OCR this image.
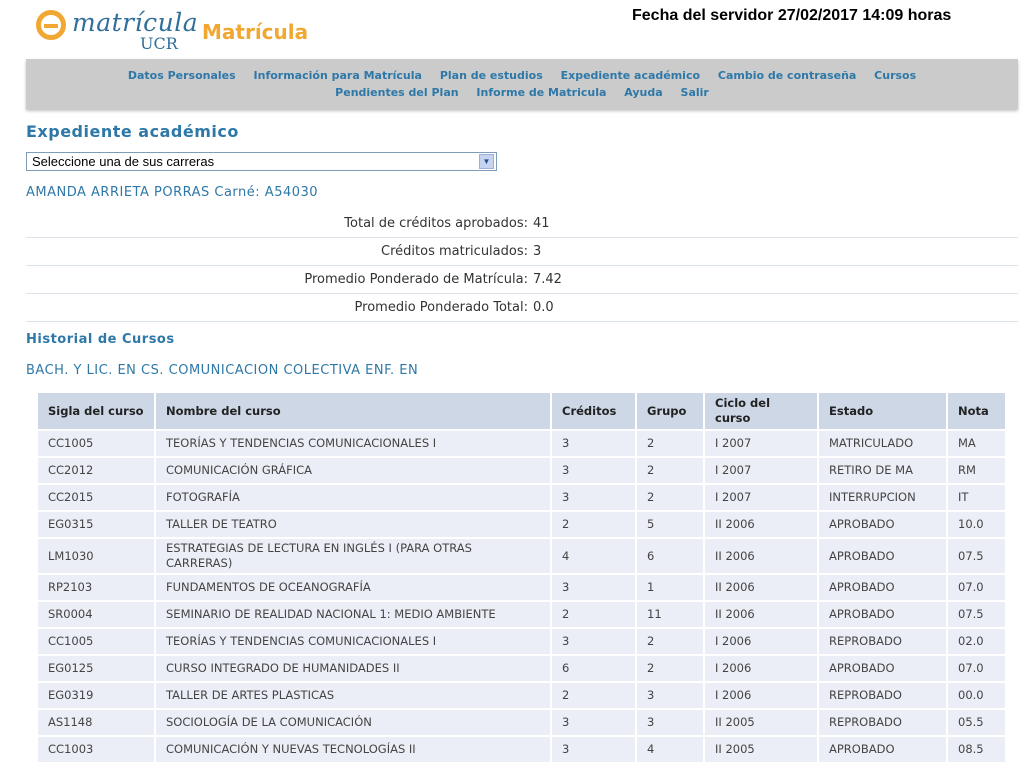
Fecha del servidor 27/02/2017 14:09 horas
matrícula
UCR Matrícula
Datos Personales Información para Matrícula Plan de estudios Expediente académico Cambio de contraseña Cursos
Pendientes del Plan Informe de Matricula Ayuda Salir
Expediente académico
Seleccione una de sus carreras	▼
AMANDA ARRIETA PORRAS Carné: A54030
Total de créditos aprobados: 41
Créditos matriculados: 3
Promedio Ponderado de Matrícula: 7.42
Promedio Ponderado Total: 0.0
Historial de Cursos
BACH. Y LIC. EN CS. COMUNICACION COLECTIVA ENF. EN
Sigla del curso	Nombre del curso	Créditos	Grupo	Ciclo del curso	Estado	Nota
CC1005	TEORÍAS Y TENDENCIAS COMUNICACIONALES I	3	2	I 2007	MATRICULADO	MA
CC2012	COMUNICACIÓN GRÁFICA	3	2	I 2007	RETIRO DE MA	RM
CC2015	FOTOGRAFÍA	3	2	I 2007	INTERRUPCION	IT
EG0315	TALLER DE TEATRO	2	5	II 2006	APROBADO	10.0
LM1030	ESTRATEGIAS DE LECTURA EN INGLÉS I (PARA OTRAS CARRERAS)	4	6	II 2006	APROBADO	07.5
RP2103	FUNDAMENTOS DE OCEANOGRAFÍA	3	1	II 2006	APROBADO	07.0
SR0004	SEMINARIO DE REALIDAD NACIONAL 1: MEDIO AMBIENTE	2	11	II 2006	APROBADO	07.5
CC1005	TEORÍAS Y TENDENCIAS COMUNICACIONALES I	3	2	I 2006	REPROBADO	02.0
EG0125	CURSO INTEGRADO DE HUMANIDADES II	6	2	I 2006	APROBADO	07.0
EG0319	TALLER DE ARTES PLASTICAS	2	3	I 2006	REPROBADO	00.0
AS1148	SOCIOLOGÍA DE LA COMUNICACIÓN	3	3	II 2005	REPROBADO	05.5
CC1003	COMUNICACIÓN Y NUEVAS TECNOLOGÍAS II	3	4	II 2005	APROBADO	08.5
